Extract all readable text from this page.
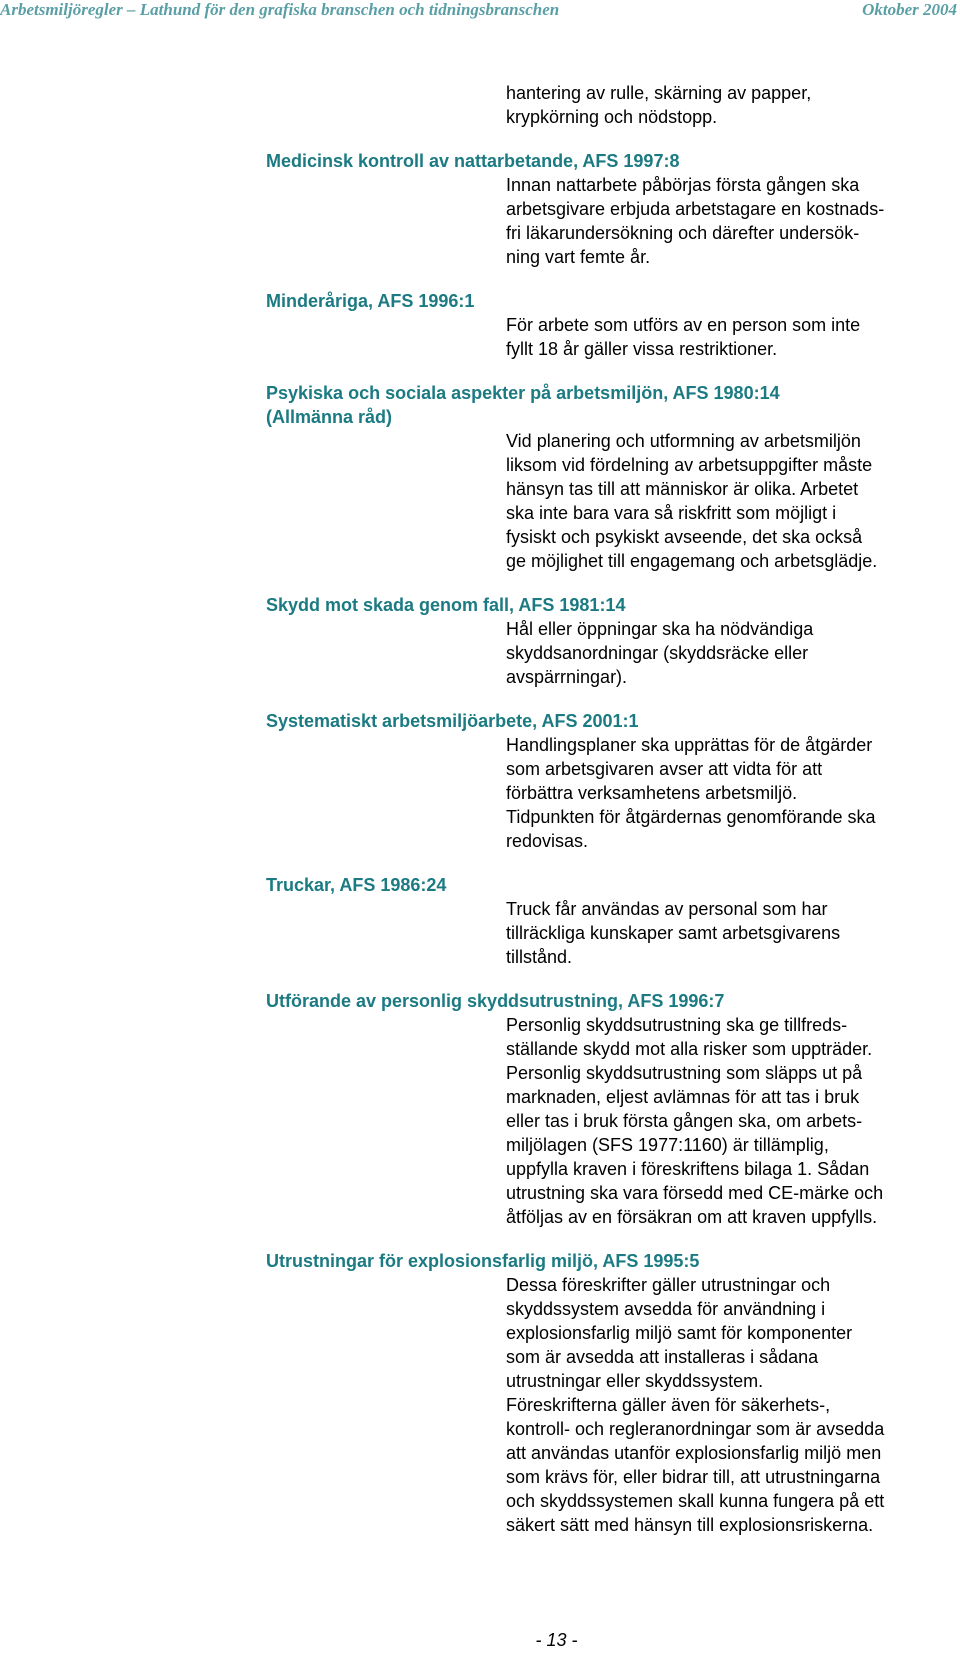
Arbetsmiljöregler – Lathund för den grafiska branschen och tidningsbranschen	Oktober 2004

hantering av rulle, skärning av papper,

krypkörning och nödstopp.

Medicinsk kontroll av nattarbetande, AFS 1997:8

Innan nattarbete påbörjas första gången ska

arbetsgivare erbjuda arbetstagare en kostnads-

fri läkarundersökning och därefter undersök-

ning vart femte år.

Minderåriga, AFS 1996:1

För arbete som utförs av en person som inte

fyllt 18 år gäller vissa restriktioner.

Psykiska och sociala aspekter på arbetsmiljön, AFS 1980:14
(Allmänna råd)

Vid planering och utformning av arbetsmiljön

liksom vid fördelning av arbetsuppgifter måste

hänsyn tas till att människor är olika. Arbetet

ska inte bara vara så riskfritt som möjligt i

fysiskt och psykiskt avseende, det ska också

ge möjlighet till engagemang och arbetsglädje.

Skydd mot skada genom fall, AFS 1981:14

Hål eller öppningar ska ha nödvändiga

skyddsanordningar (skyddsräcke eller

avspärrningar).

Systematiskt arbetsmiljöarbete, AFS 2001:1

Handlingsplaner ska upprättas för de åtgärder

som arbetsgivaren avser att vidta för att

förbättra verksamhetens arbetsmiljö.

Tidpunkten för åtgärdernas genomförande ska

redovisas.

Truckar, AFS 1986:24

Truck får användas av personal som har

tillräckliga kunskaper samt arbetsgivarens

tillstånd.

Utförande av personlig skyddsutrustning, AFS 1996:7

Personlig skyddsutrustning ska ge tillfreds-

ställande skydd mot alla risker som uppträder.

Personlig skyddsutrustning som släpps ut på

marknaden, eljest avlämnas för att tas i bruk

eller tas i bruk första gången ska, om arbets-

miljölagen (SFS 1977:1160) är tillämplig,

uppfylla kraven i föreskriftens bilaga 1. Sådan

utrustning ska vara försedd med CE-märke och

åtföljas av en försäkran om att kraven uppfylls.

Utrustningar för explosionsfarlig miljö, AFS 1995:5

Dessa föreskrifter gäller utrustningar och

skyddssystem avsedda för användning i

explosionsfarlig miljö samt för komponenter

som är avsedda att installeras i sådana

utrustningar eller skyddssystem.

Föreskrifterna gäller även för säkerhets-,

kontroll- och regleranordningar som är avsedda

att användas utanför explosionsfarlig miljö men

som krävs för, eller bidrar till, att utrustningarna

och skyddssystemen skall kunna fungera på ett

säkert sätt med hänsyn till explosionsriskerna.

- 13 -
